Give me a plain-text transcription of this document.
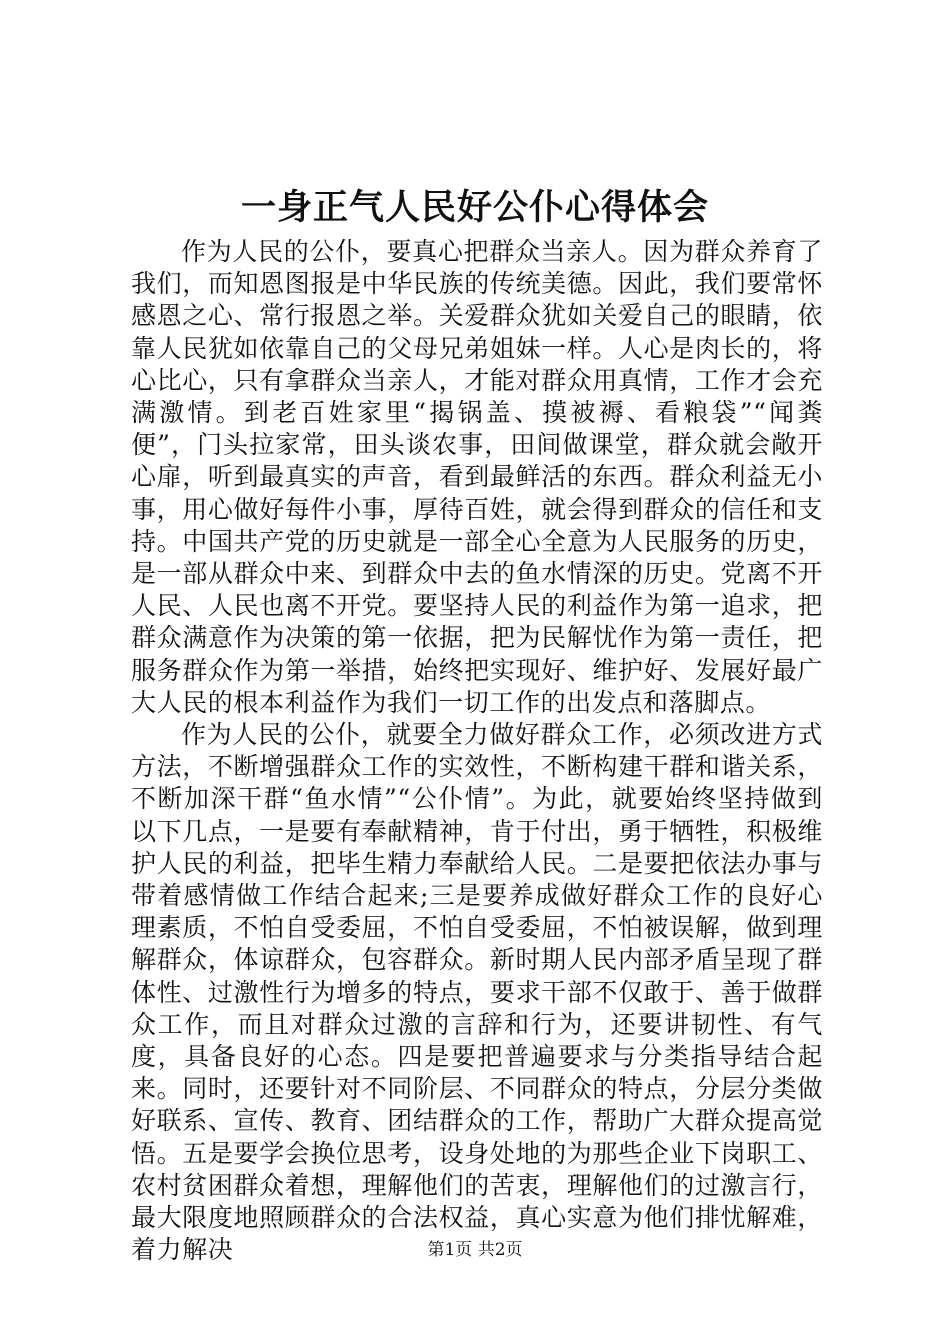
一身正气人民好公仆心得体会

作为人民的公仆，要真心把群众当亲人。因为群众养育了我们，而知恩图报是中华民族的传统美德。因此，我们要常怀感恩之心、常行报恩之举。关爱群众犹如关爱自己的眼睛，依靠人民犹如依靠自己的父母兄弟姐妹一样。人心是肉长的，将心比心，只有拿群众当亲人，才能对群众用真情，工作才会充满激情。到老百姓家里“揭锅盖、摸被褥、看粮袋”“闻粪便”，门头拉家常，田头谈农事，田间做课堂，群众就会敞开心扉，听到最真实的声音，看到最鲜活的东西。群众利益无小事，用心做好每件小事，厚待百姓，就会得到群众的信任和支持。中国共产党的历史就是一部全心全意为人民服务的历史，是一部从群众中来、到群众中去的鱼水情深的历史。党离不开人民、人民也离不开党。要坚持人民的利益作为第一追求，把群众满意作为决策的第一依据，把为民解忧作为第一责任，把服务群众作为第一举措，始终把实现好、维护好、发展好最广大人民的根本利益作为我们一切工作的出发点和落脚点。

作为人民的公仆，就要全力做好群众工作，必须改进方式方法，不断增强群众工作的实效性，不断构建干群和谐关系，不断加深干群“鱼水情”“公仆情”。为此，就要始终坚持做到以下几点，一是要有奉献精神，肯于付出，勇于牺牲，积极维护人民的利益，把毕生精力奉献给人民。二是要把依法办事与带着感情做工作结合起来;三是要养成做好群众工作的良好心理素质，不怕自受委屈，不怕自受委屈，不怕被误解，做到理解群众，体谅群众，包容群众。新时期人民内部矛盾呈现了群体性、过激性行为增多的特点，要求干部不仅敢于、善于做群众工作，而且对群众过激的言辞和行为，还要讲韧性、有气度，具备良好的心态。四是要把普遍要求与分类指导结合起来。同时，还要针对不同阶层、不同群众的特点，分层分类做好联系、宣传、教育、团结群众的工作，帮助广大群众提高觉悟。五是要学会换位思考，设身处地的为那些企业下岗职工、农村贫困群众着想，理解他们的苦衷，理解他们的过激言行，最大限度地照顾群众的合法权益，真心实意为他们排忧解难，着力解决	第1页 共2页
